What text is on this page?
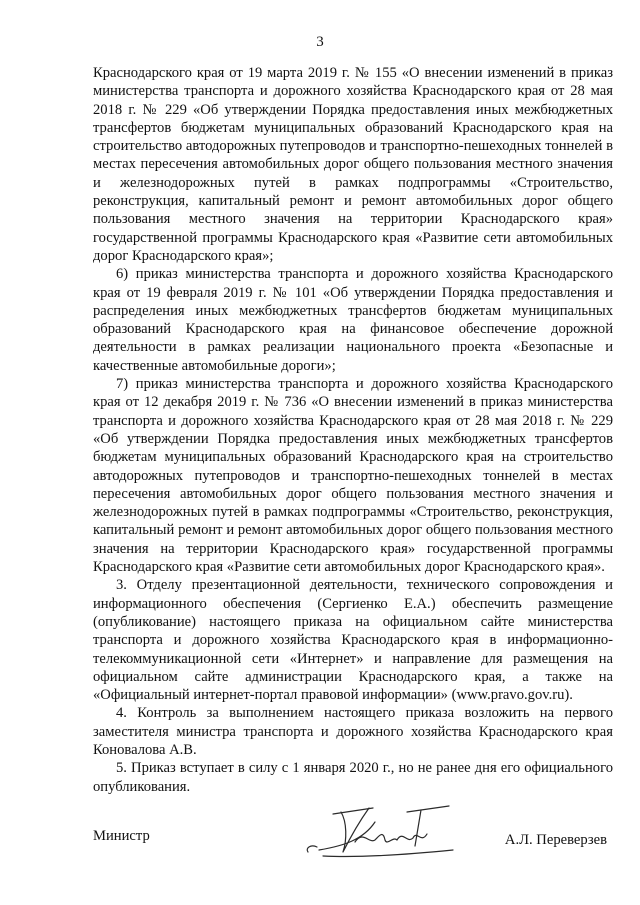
3

Краснодарского края от 19 марта 2019 г. № 155 «О внесении изменений в приказ министерства транспорта и дорожного хозяйства Краснодарского края от 28 мая 2018 г. № 229 «Об утверждении Порядка предоставления иных межбюджетных трансфертов бюджетам муниципальных образований Краснодарского края на строительство автодорожных путепроводов и транспортно-пешеходных тоннелей в местах пересечения автомобильных дорог общего пользования местного значения и железнодорожных путей в рамках подпрограммы «Строительство, реконструкция, капитальный ремонт и ремонт автомобильных дорог общего пользования местного значения на территории Краснодарского края» государственной программы Краснодарского края «Развитие сети автомобильных дорог Краснодарского края»;

6) приказ министерства транспорта и дорожного хозяйства Краснодарского края от 19 февраля 2019 г. № 101 «Об утверждении Порядка предоставления и распределения иных межбюджетных трансфертов бюджетам муниципальных образований Краснодарского края на финансовое обеспечение дорожной деятельности в рамках реализации национального проекта «Безопасные и качественные автомобильные дороги»;

7) приказ министерства транспорта и дорожного хозяйства Краснодарского края от 12 декабря 2019 г. № 736 «О внесении изменений в приказ министерства транспорта и дорожного хозяйства Краснодарского края от 28 мая 2018 г. № 229 «Об утверждении Порядка предоставления иных межбюджетных трансфертов бюджетам муниципальных образований Краснодарского края на строительство автодорожных путепроводов и транспортно-пешеходных тоннелей в местах пересечения автомобильных дорог общего пользования местного значения и железнодорожных путей в рамках подпрограммы «Строительство, реконструкция, капитальный ремонт и ремонт автомобильных дорог общего пользования местного значения на территории Краснодарского края» государственной программы Краснодарского края «Развитие сети автомобильных дорог Краснодарского края».

3. Отделу презентационной деятельности, технического сопровождения и информационного обеспечения (Сергиенко Е.А.) обеспечить размещение (опубликование) настоящего приказа на официальном сайте министерства транспорта и дорожного хозяйства Краснодарского края в информационно-телекоммуникационной сети «Интернет» и направление для размещения на официальном сайте администрации Краснодарского края, а также на «Официальный интернет-портал правовой информации» (www.pravo.gov.ru).

4. Контроль за выполнением настоящего приказа возложить на первого заместителя министра транспорта и дорожного хозяйства Краснодарского края Коновалова А.В.

5. Приказ вступает в силу с 1 января 2020 г., но не ранее дня его официального опубликования.

Министр	А.Л. Переверзев
